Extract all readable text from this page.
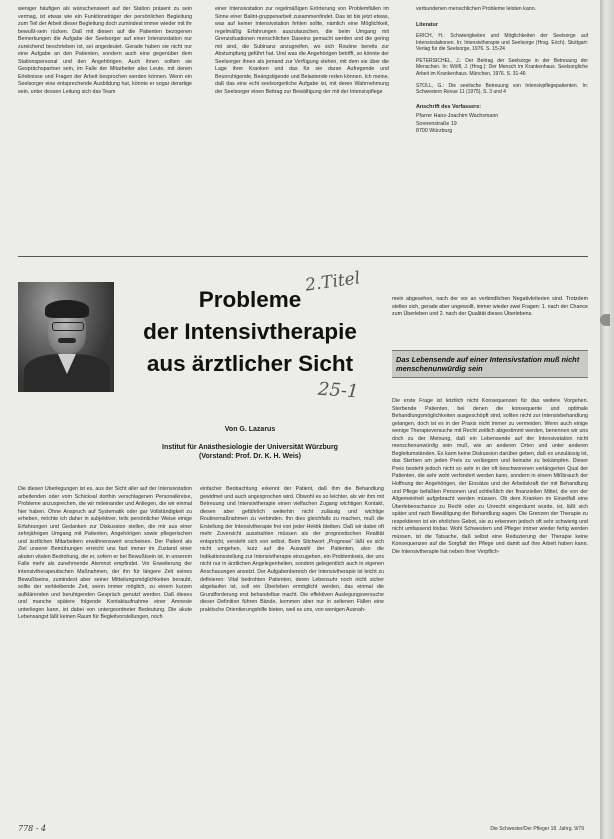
weniger häufigen als wünschenswert auf der Station präsent zu sein vermag, ist etwas wie ein Funktionsträger der persönlichen Begleitung zum Teil der Arbeit dieser Begleitung doch zumindest immer wieder mit ihr bewußt-sein rücken. Daß mit diesen auf die Patienten bezogenen Bemerkungen die Aufgabe der Seelsorger auf einer Intensivstation nur zureichend beschrieben ist, sei angedeutet. Gerade haben sie nicht nur eine Aufgabe an den Patienten, sondern auch eine gegenüber dem Stationspersonal und den Angehörigen. Auch ihnen sollten sie Gesprächspartner sein, im Falle der Mitarbeiter also Leute, mit denen Erlebnisse und Fragen der Arbeit besprochen werden können. Wenn ein Seelsorger eine entsprechende Ausbildung hat, könnte er sogar derartige sein, unter dessen Leitung sich das Team

einer Intensivstation zur regelmäßigen Erörterung von Problemfällen im Sinne einer Balint-gruppenarbeit zusammenfindet. Das ist bis jetzt etwas, was auf keiner Intensivstation fehlen sollte, nämlich eine Möglichkeit, regelmäßig Erfahrungen auszutauschen, die beim Umgang mit Grenzsituationen menschlichen Daseins gemacht werden und die gering mit sind, die Subinanz anzugreifen, wo sich Routine bereits zur Abstumpfung geführt hat. Und was die Angehörigen betrifft, so könnte der Seelsorger ihnen als jemand zur Verfügung stehen, mit dem sie über die Lage ihrer Kranken und das für sie daran Aufregende und Beunruhigende, Beängstigende und Belastende reden können. Ich meine, daß das eine echt seelsorgerliche Aufgabe ist, mit deren Wahrnehmung der Seelsorger einen Beitrag zur Bewältigung der mit der Intensivpflege

verbundenen menschlichen Probleme leisten kann.

Literatur

ERICH, H.: Schwierigkeiten und Möglichkeiten der Seelsorge auf Intensivstationen. In: Intensivtherapie und Seelsorge (Hrsg. Erich). Stuttgart: Verlag für die Seelsorge, 1976. S. 15-24

PETERSICHEL, J.: Der Beitrag der Seelsorge in der Betreuung der Menschen. In: Wölfl, J. (Hrsg.): Der Mensch im Krankenhaus. Seelsorgliche Arbeit im Krankenhaus. München, 1976. S. 31-46

STOLL, G.: Die seelische Betreuung von Intensivpflegepatienten. In: Schwestern Revue 11 (1975), S. 3 und 4

Anschrift des Verfassers:
Pfarrer Hans-Joachim Wachsmann
Sonnenstraße 19
8700 Würzburg
Probleme
der Intensivtherapie
aus ärztlicher Sicht
2.Titel
25-1
Von G. Lazarus
Institut für Anästhesiologie der Universität Würzburg
(Vorstand: Prof. Dr. K. H. Weis)
mein abgesehen, nach der vor an verbindlichen Negativkriterien sind. Trotzdem stellen sich, gerade aber ungewollt, immer wieder zwei Fragen: 1. nach der Chance zum Überleben und 2. nach der Qualität dieses Überlebens.
Das Lebensende auf einer Intensivstation muß nicht menschenunwürdig sein

Die diesen Überlegungen ist es, aus der Sicht aller auf der Intensivstation arbeitenden oder vom Schicksal dorthin verschlagenen Personalkreise, Probleme anzusprechen, die wir miteinander und Anliegen, die wir einmal hier haben. Ohne Anspruch auf Systematik oder gar Vollständigkeit zu erheben, möchte ich daher in subjektiver, teils persönlicher Weise einige Erfahrungen und Gedanken zur Diskussion stellen, die mir aus einer zehnjährigen Umgang mit Patienten, Angehörigen sowie pflegerischen und ärztlichen Mitarbeitern erwähnenswert erscheinen. Der Patient als Ziel unserer Bemühungen erreicht uns fast immer im Zustand einer akuten vitalen Bedrohung, die er, sofern er bei Bewußtsein ist, in unserem Falle mehr als zunehmende Atemnot empfindet. Vor Erweiterung der intensivtherapeutischen Maßnahmen, der ihn für längere Zeit seines Bewußtseins, zumindest aber seiner Mitteilungsmöglichkeiten beraubt, sollte der verbleibende Zeit, wenn immer möglich, zu einem kurzen aufklärenden und beruhigenden Gespräch genutzt werden. Daß dieses und manche spätere folgende Kontaktaufnahme einer Amnesie unterliegen kann, ist dabei von untergeordneter Bedeutung. Die akute Lebensangst läßt keinen Raum für Begleitvorstellungen, noch

einfacher Beobachtung erkennt der Patient, daß ihm die Behandlung gewidmet und auch angesprochen wird. Obwohl es so leichter, als wir ihm mit Betreuung und Intensivtherapie einen vielfachen Zugang wichtigen Kontakt, diesen aber gefährlich weiterhin nicht zulässig und wichtige Routinemaßnahmen zu verbinden. Ihn dies gleichfalls zu machen, muß die Erstellung der Intensivtherapie frei von jeder Hektik bleiben. Daß wir dabei oft mehr Zuversicht ausstrahlen müssen als der prognostischen Realität entspricht, versteht sich von selbst. Beim Stichwort „Prognose“ läßt es sich nicht umgehen, kurz auf die Auswahl der Patienten, also die Indikationsstellung zur Intensivtherapie einzugehen, ein Problemkreis, der uns nicht nur in ärztlichen Angelegenheiten, sondern gelegentlich auch in eigenen Anschauungen ansetzt. Der Aufgabenbereich der Intensivtherapie ist leicht zu definieren: Vital bedrohten Patienten, deren Lebensuhr noch nicht sicher abgelaufen ist, soll ein Überleben ermöglicht werden, das einmal die Grundforderung erst behandelbar macht. Die effektiven Auslegungsversuche dieser Definition führen Bände, kommen aber nur in seltenen Fällen eine praktische Orientierungshilfe bieten, weil es uns, von wenigen Ausnah-

Die erste Frage ist letztlich nicht Konsequenzen für das weitere Vorgehen. Sterbende Patienten, bei denen die konsequente und optimale Behandlungsmöglichkeiten ausgeschöpft sind, sollten nicht zur Intensivbehandlung gelangen, doch ist es in der Praxis nicht immer zu vermeiden. Wenn auch einige wenige Therapieversuche mit Recht zeitlich abgestimmt werden, benennen wir uns doch zu der Meinung, daß ein Lebensende auf der Intensivstation nicht menschenunwürdig sein muß, wie an anderen Orten und unter anderen Begleitumständen. Es kann keine Diskussion darüber geben, daß es unzulässig ist, das Sterben um jeden Preis zu verlängern und beinahe zu bekämpfen. Dieser Preis besteht jedoch nicht so sehr in der oft beschworenen verlängerten Qual der Patienten, die sehr wohl verhindert werden kann, sondern in einem Mißbrauch der Hoffnung der Angehörigen, der Einsätze und der Arbeitskraft der mit Behandlung und Pflege befaßten Personen und schließlich der finanziellen Mittel, die von der Allgemeinheit aufgebracht werden müssen. Ob dem Kranken im Einzelfall eine Überlebenschance zu Recht oder zu Unrecht eingeräumt wurde, ist, läßt sich später und nach Bewältigung der Behandlung sagen. Die Grenzen der Therapie zu respektieren ist ein ehrliches Gebot, sie zu erkennen jedoch oft sehr schwierig und nicht umfassend lösbar. Wohl Schwestern und Pfleger immer wieder fertig werden müssen, ist die Tatsache, daß selbst eine Reduzierung der Therapie keine Konsequenzen auf die Sorgfalt der Pflege und damit auf ihre Arbeit haben kann. Die Intensivtherapie hat neben ihrer Verpflich-

778 - 4	Die Schwester/Der Pfleger 18. Jahrg. 9/79
